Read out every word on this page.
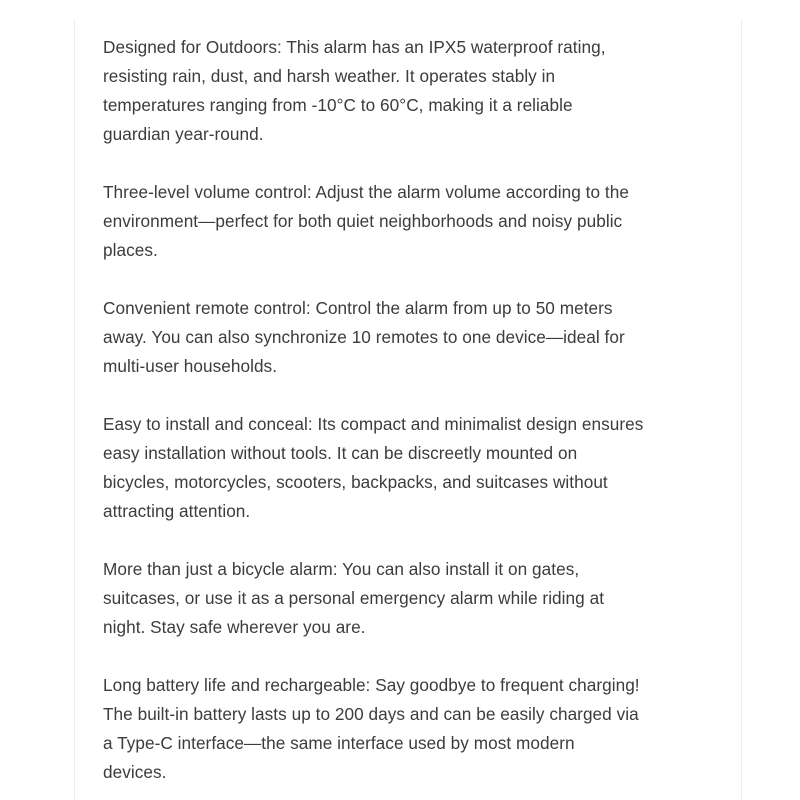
Designed for Outdoors: This alarm has an IPX5 waterproof rating,
resisting rain, dust, and harsh weather. It operates stably in
temperatures ranging from -10°C to 60°C, making it a reliable
guardian year-round.

Three-level volume control: Adjust the alarm volume according to the
environment—perfect for both quiet neighborhoods and noisy public
places.

Convenient remote control: Control the alarm from up to 50 meters
away. You can also synchronize 10 remotes to one device—ideal for
multi-user households.

Easy to install and conceal: Its compact and minimalist design ensures
easy installation without tools. It can be discreetly mounted on
bicycles, motorcycles, scooters, backpacks, and suitcases without
attracting attention.

More than just a bicycle alarm: You can also install it on gates,
suitcases, or use it as a personal emergency alarm while riding at
night. Stay safe wherever you are.

Long battery life and rechargeable: Say goodbye to frequent charging!
The built-in battery lasts up to 200 days and can be easily charged via
a Type-C interface—the same interface used by most modern
devices.
